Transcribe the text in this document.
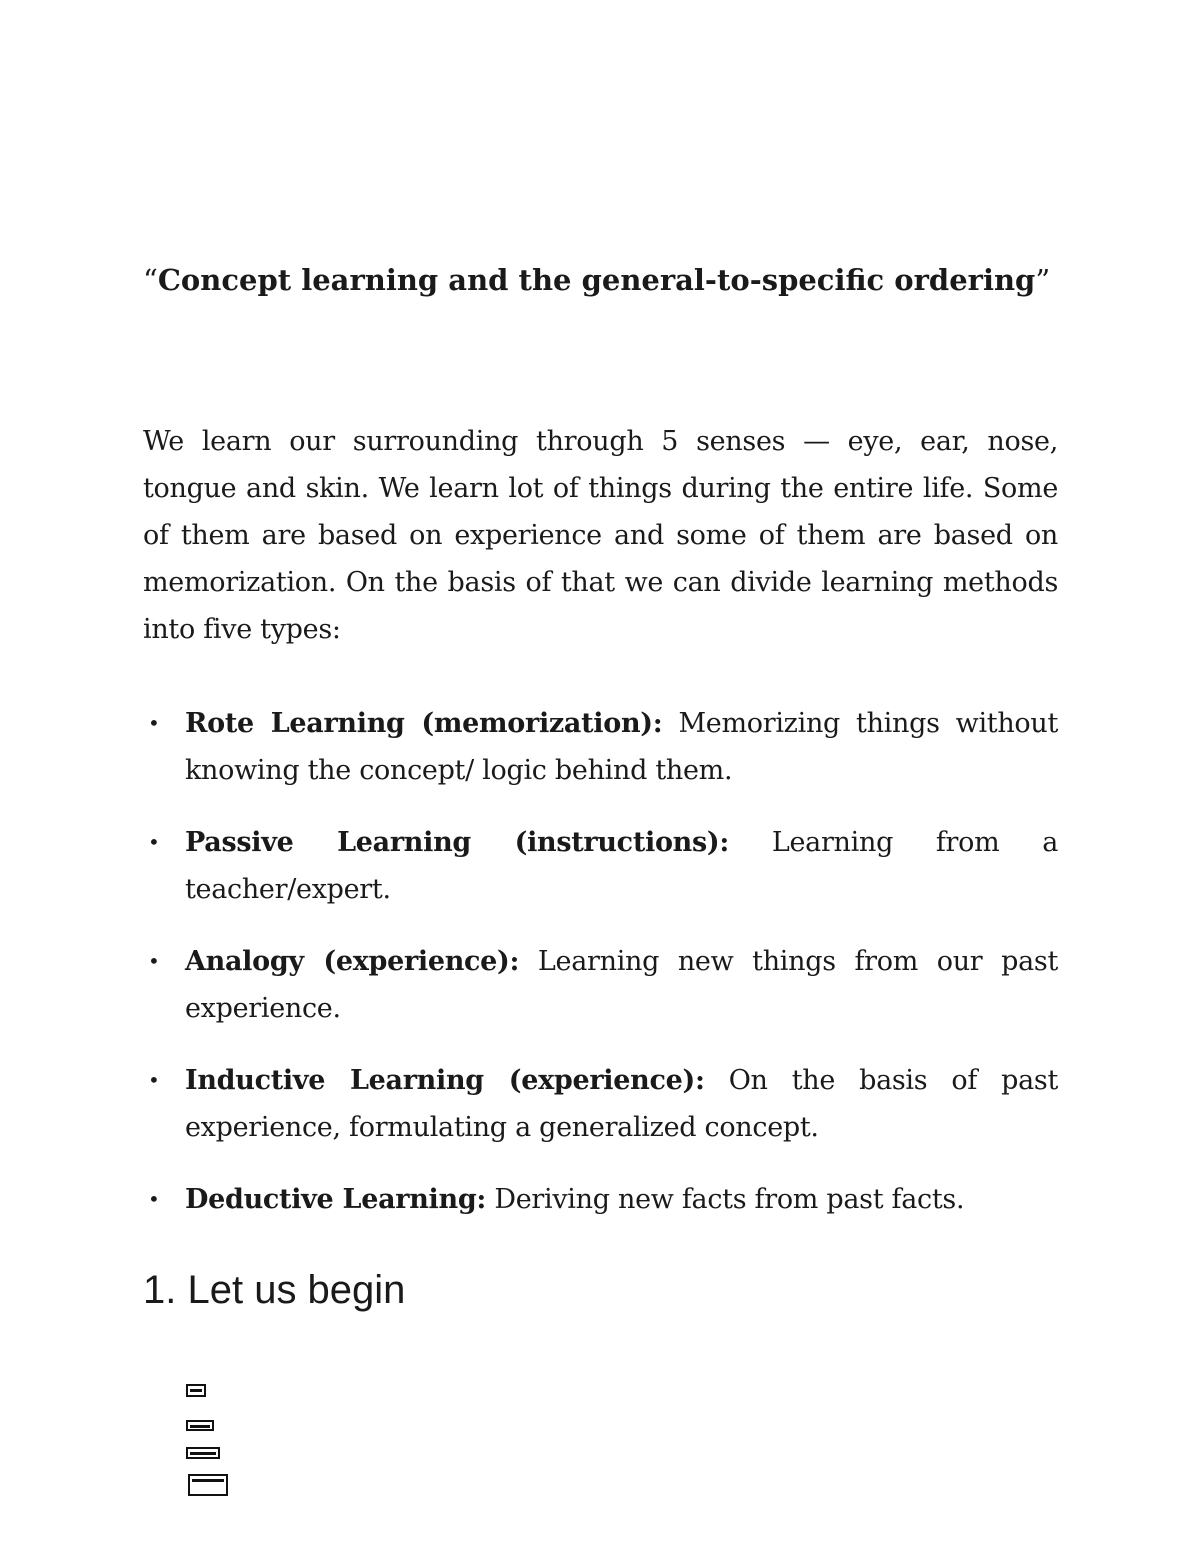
“Concept learning and the general-to-specific ordering”

We learn our surrounding through 5 senses — eye, ear, nose, tongue and skin. We learn lot of things during the entire life. Some of them are based on experience and some of them are based on memorization. On the basis of that we can divide learning methods into five types:

• Rote Learning (memorization): Memorizing things without knowing the concept/ logic behind them.
• Passive Learning (instructions): Learning from a teacher/expert.
• Analogy (experience): Learning new things from our past experience.
• Inductive Learning (experience): On the basis of past experience, formulating a generalized concept.
• Deductive Learning: Deriving new facts from past facts.
1. Let us begin
